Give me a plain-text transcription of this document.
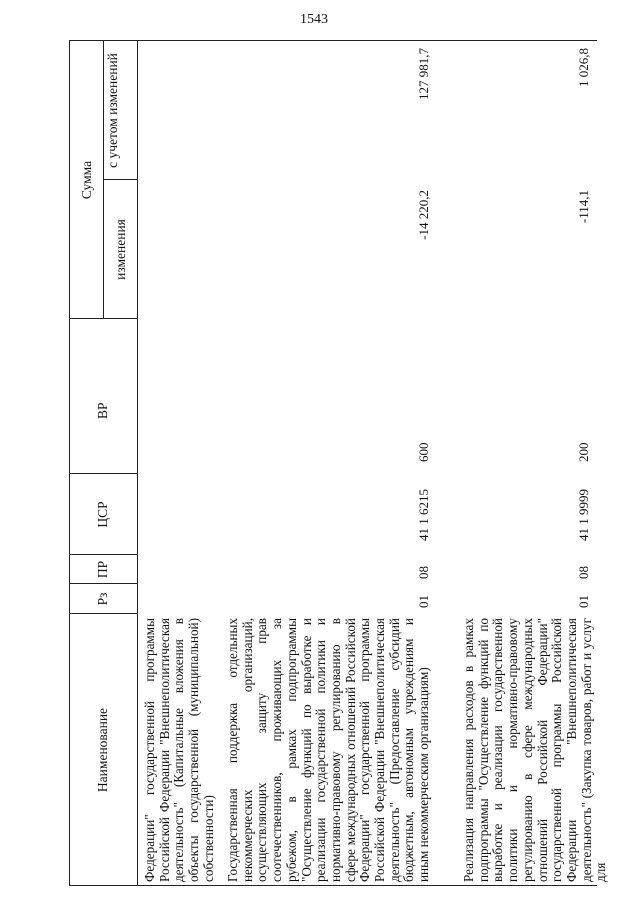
1543
Наименование
Рз
ПР
ЦСР
ВР
Сумма
изменения
с учетом изменений
Федерации" государственной программы Российской Федерации "Внешнеполитическая деятельность" (Капитальные вложения в объекты государственной (муниципальной) собственности) Государственная поддержка отдельных некоммерческих организаций, осуществляющих защиту прав соотечественников, проживающих за рубежом, в рамках подпрограммы "Осуществление функций по выработке и реализации государственной политики и нормативно-правовому регулированию в сфере международных отношений Российской Федерации" государственной программы Российской Федерации "Внешнеполитическая деятельность" (Предоставление субсидий бюджетным, автономным учреждениям и иным некоммерческим организациям)
01
08
41 1 6215
600
-14 220,2
127 981,7
Реализация направления расходов в рамках подпрограммы "Осуществление функций по выработке и реализации государственной политики и нормативно-правовому регулированию в сфере международных отношений Российской Федерации" государственной программы Российской Федерации "Внешнеполитическая деятельность" (Закупка товаров, работ и услуг для
01
08
41 1 9999
200
-114,1
1 026,8
